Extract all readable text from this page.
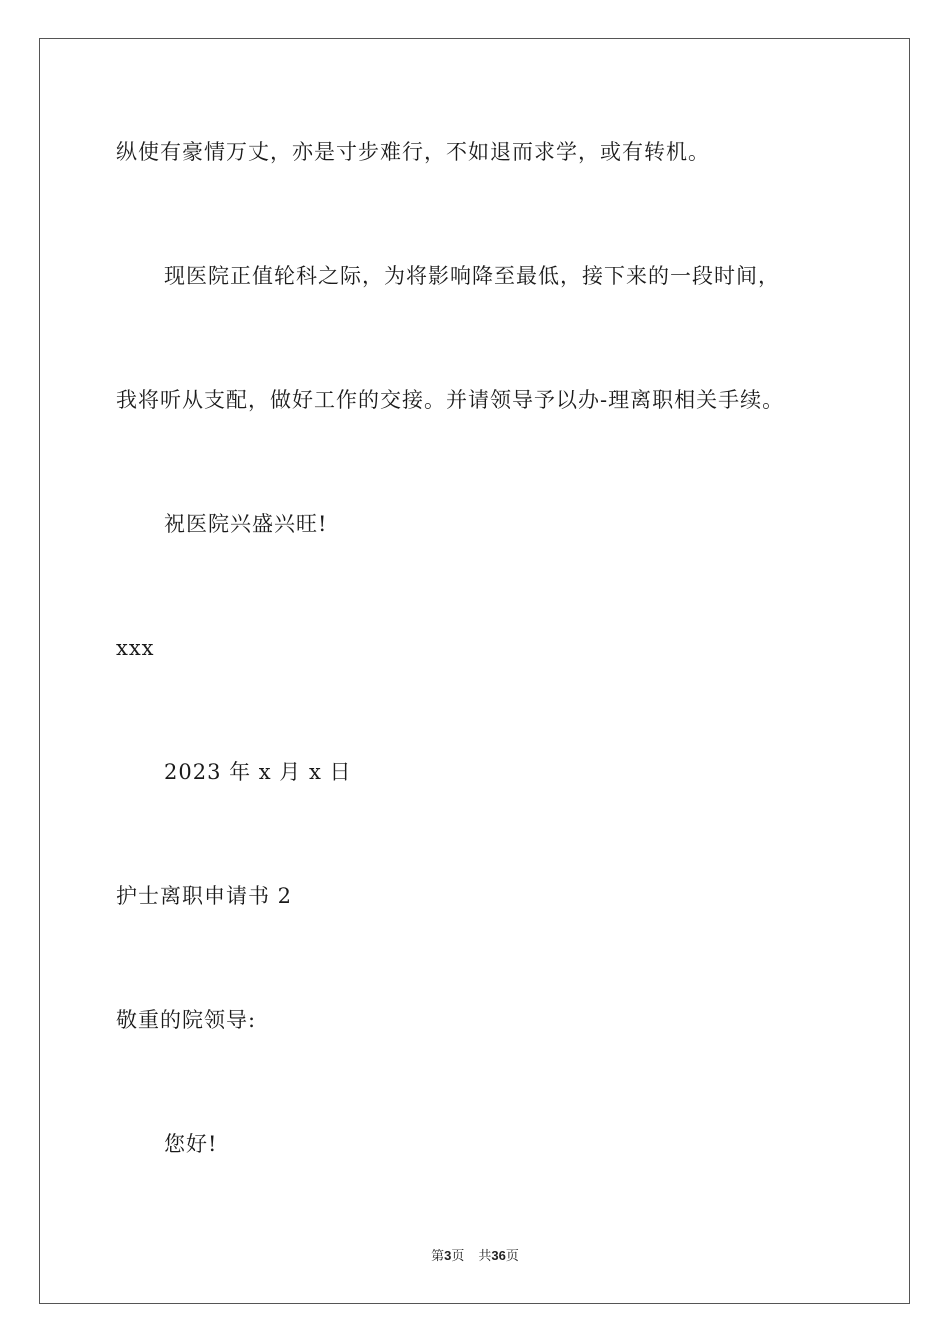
纵使有豪情万丈，亦是寸步难行，不如退而求学，或有转机。
现医院正值轮科之际，为将影响降至最低，接下来的一段时间，
我将听从支配，做好工作的交接。并请领导予以办-理离职相关手续。
祝医院兴盛兴旺!
xxx
2023 年 x 月 x 日
护士离职申请书 2
敬重的院领导:
您好!
第3页 共36页
